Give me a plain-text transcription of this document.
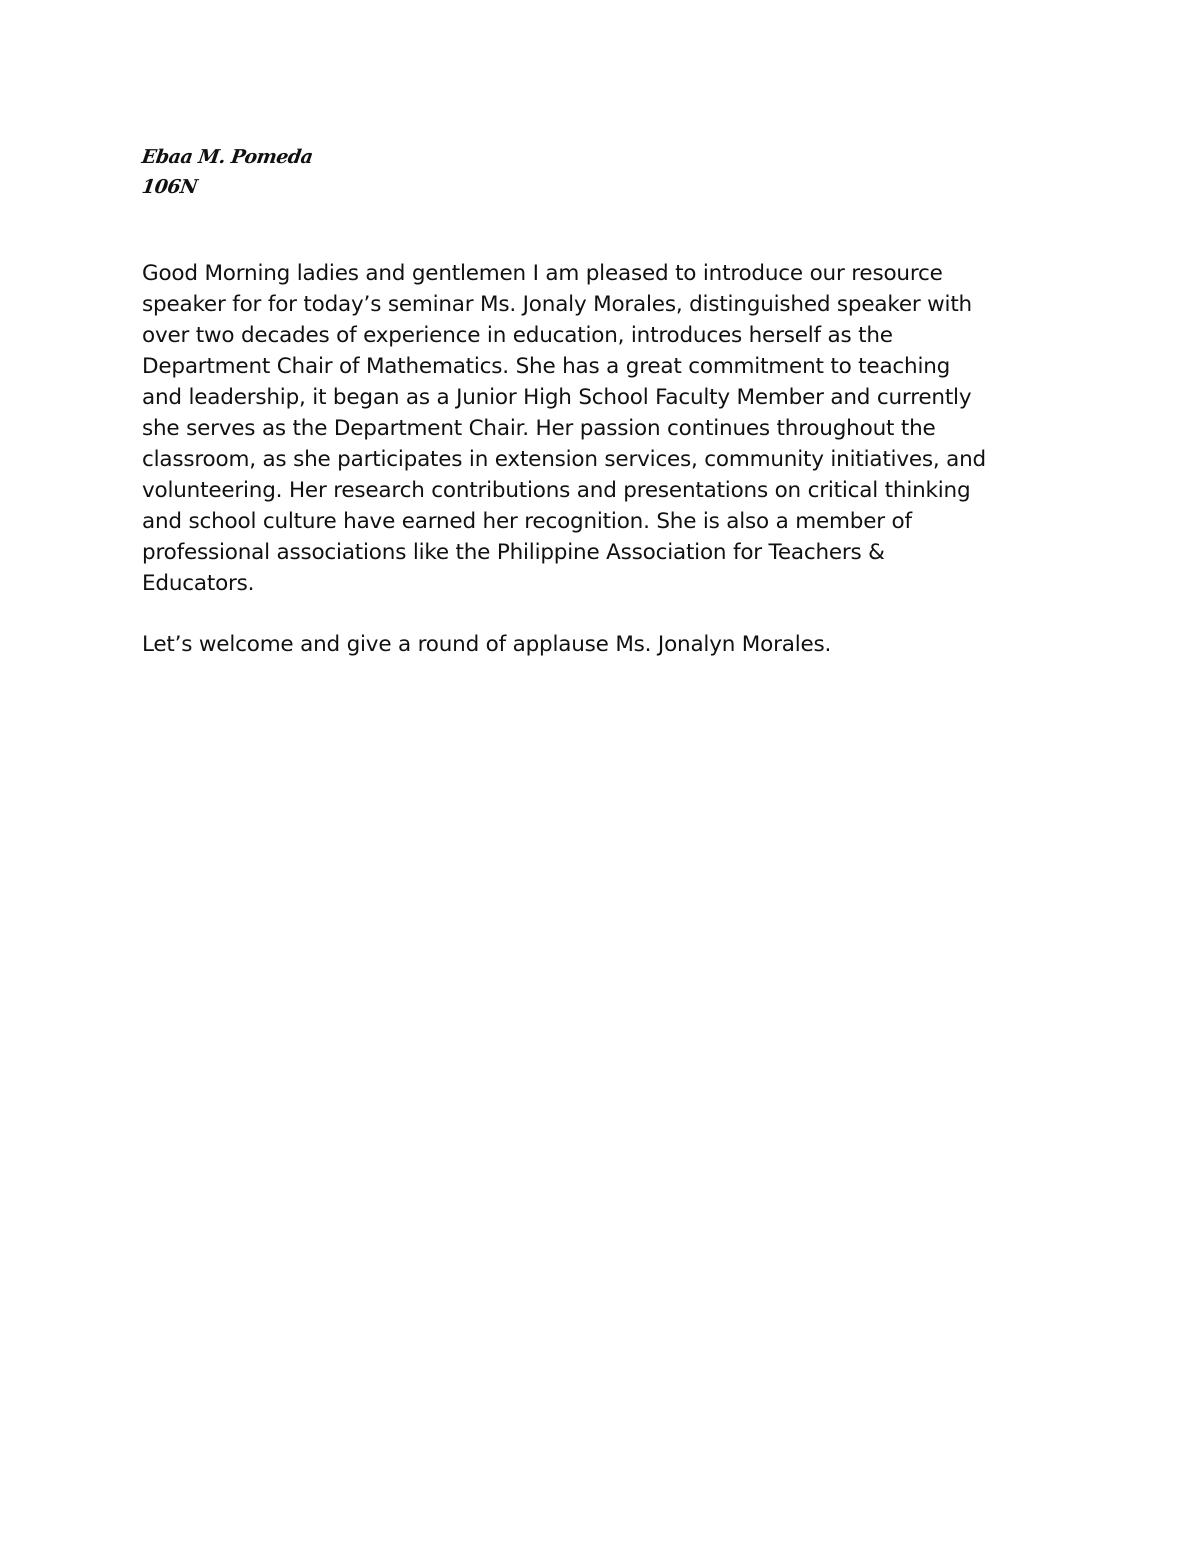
Ebaa M. Pomeda
106N
Good Morning ladies and gentlemen I am pleased to introduce our resource
speaker for for today’s seminar Ms. Jonaly Morales, distinguished speaker with
over two decades of experience in education, introduces herself as the
Department Chair of Mathematics. She has a great commitment to teaching
and leadership, it began as a Junior High School Faculty Member and currently
she serves as the Department Chair. Her passion continues throughout the
classroom, as she participates in extension services, community initiatives, and
volunteering. Her research contributions and presentations on critical thinking
and school culture have earned her recognition. She is also a member of
professional associations like the Philippine Association for Teachers &
Educators.
Let’s welcome and give a round of applause Ms. Jonalyn Morales.
